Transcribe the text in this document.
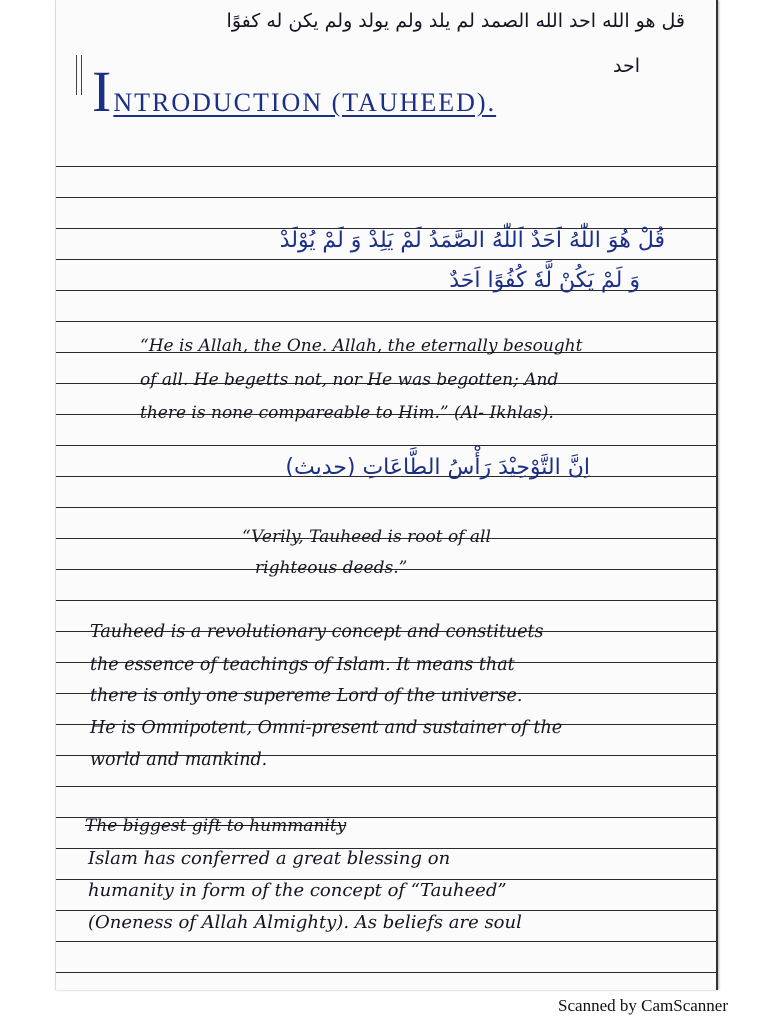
قل هو الله احد الله الصمد لم يلد ولم يولد ولم يكن له كفوًا
احد
INTRODUCTION (TAUHEED).
قُلْ هُوَ اللّٰهُ اَحَدٌ اَللّٰهُ الصَّمَدُ لَمْ يَلِدْ وَ لَمْ يُوْلَدْ
وَ لَمْ يَكُنْ لَّهٗ كُفُوًا اَحَدٌ
“He is Allah, the One. Allah, the eternally besought
of all. He begetts not, nor He was begotten; And
there is none compareable to Him.” (Al- Ikhlas).
اِنَّ التَّوْحِيْدَ رَأْسُ الطَّاعَاتِ (حديث)
“Verily, Tauheed is root of all
righteous deeds.”
Tauheed is a revolutionary concept and constituets
the essence of teachings of Islam. It means that
there is only one supereme Lord of the universe.
He is Omnipotent, Omni-present and sustainer of the
world and mankind.
The biggest gift to hummanity
Islam has conferred a great blessing on
humanity in form of the concept of “Tauheed”
(Oneness of Allah Almighty). As beliefs are soul
Scanned by CamScanner
